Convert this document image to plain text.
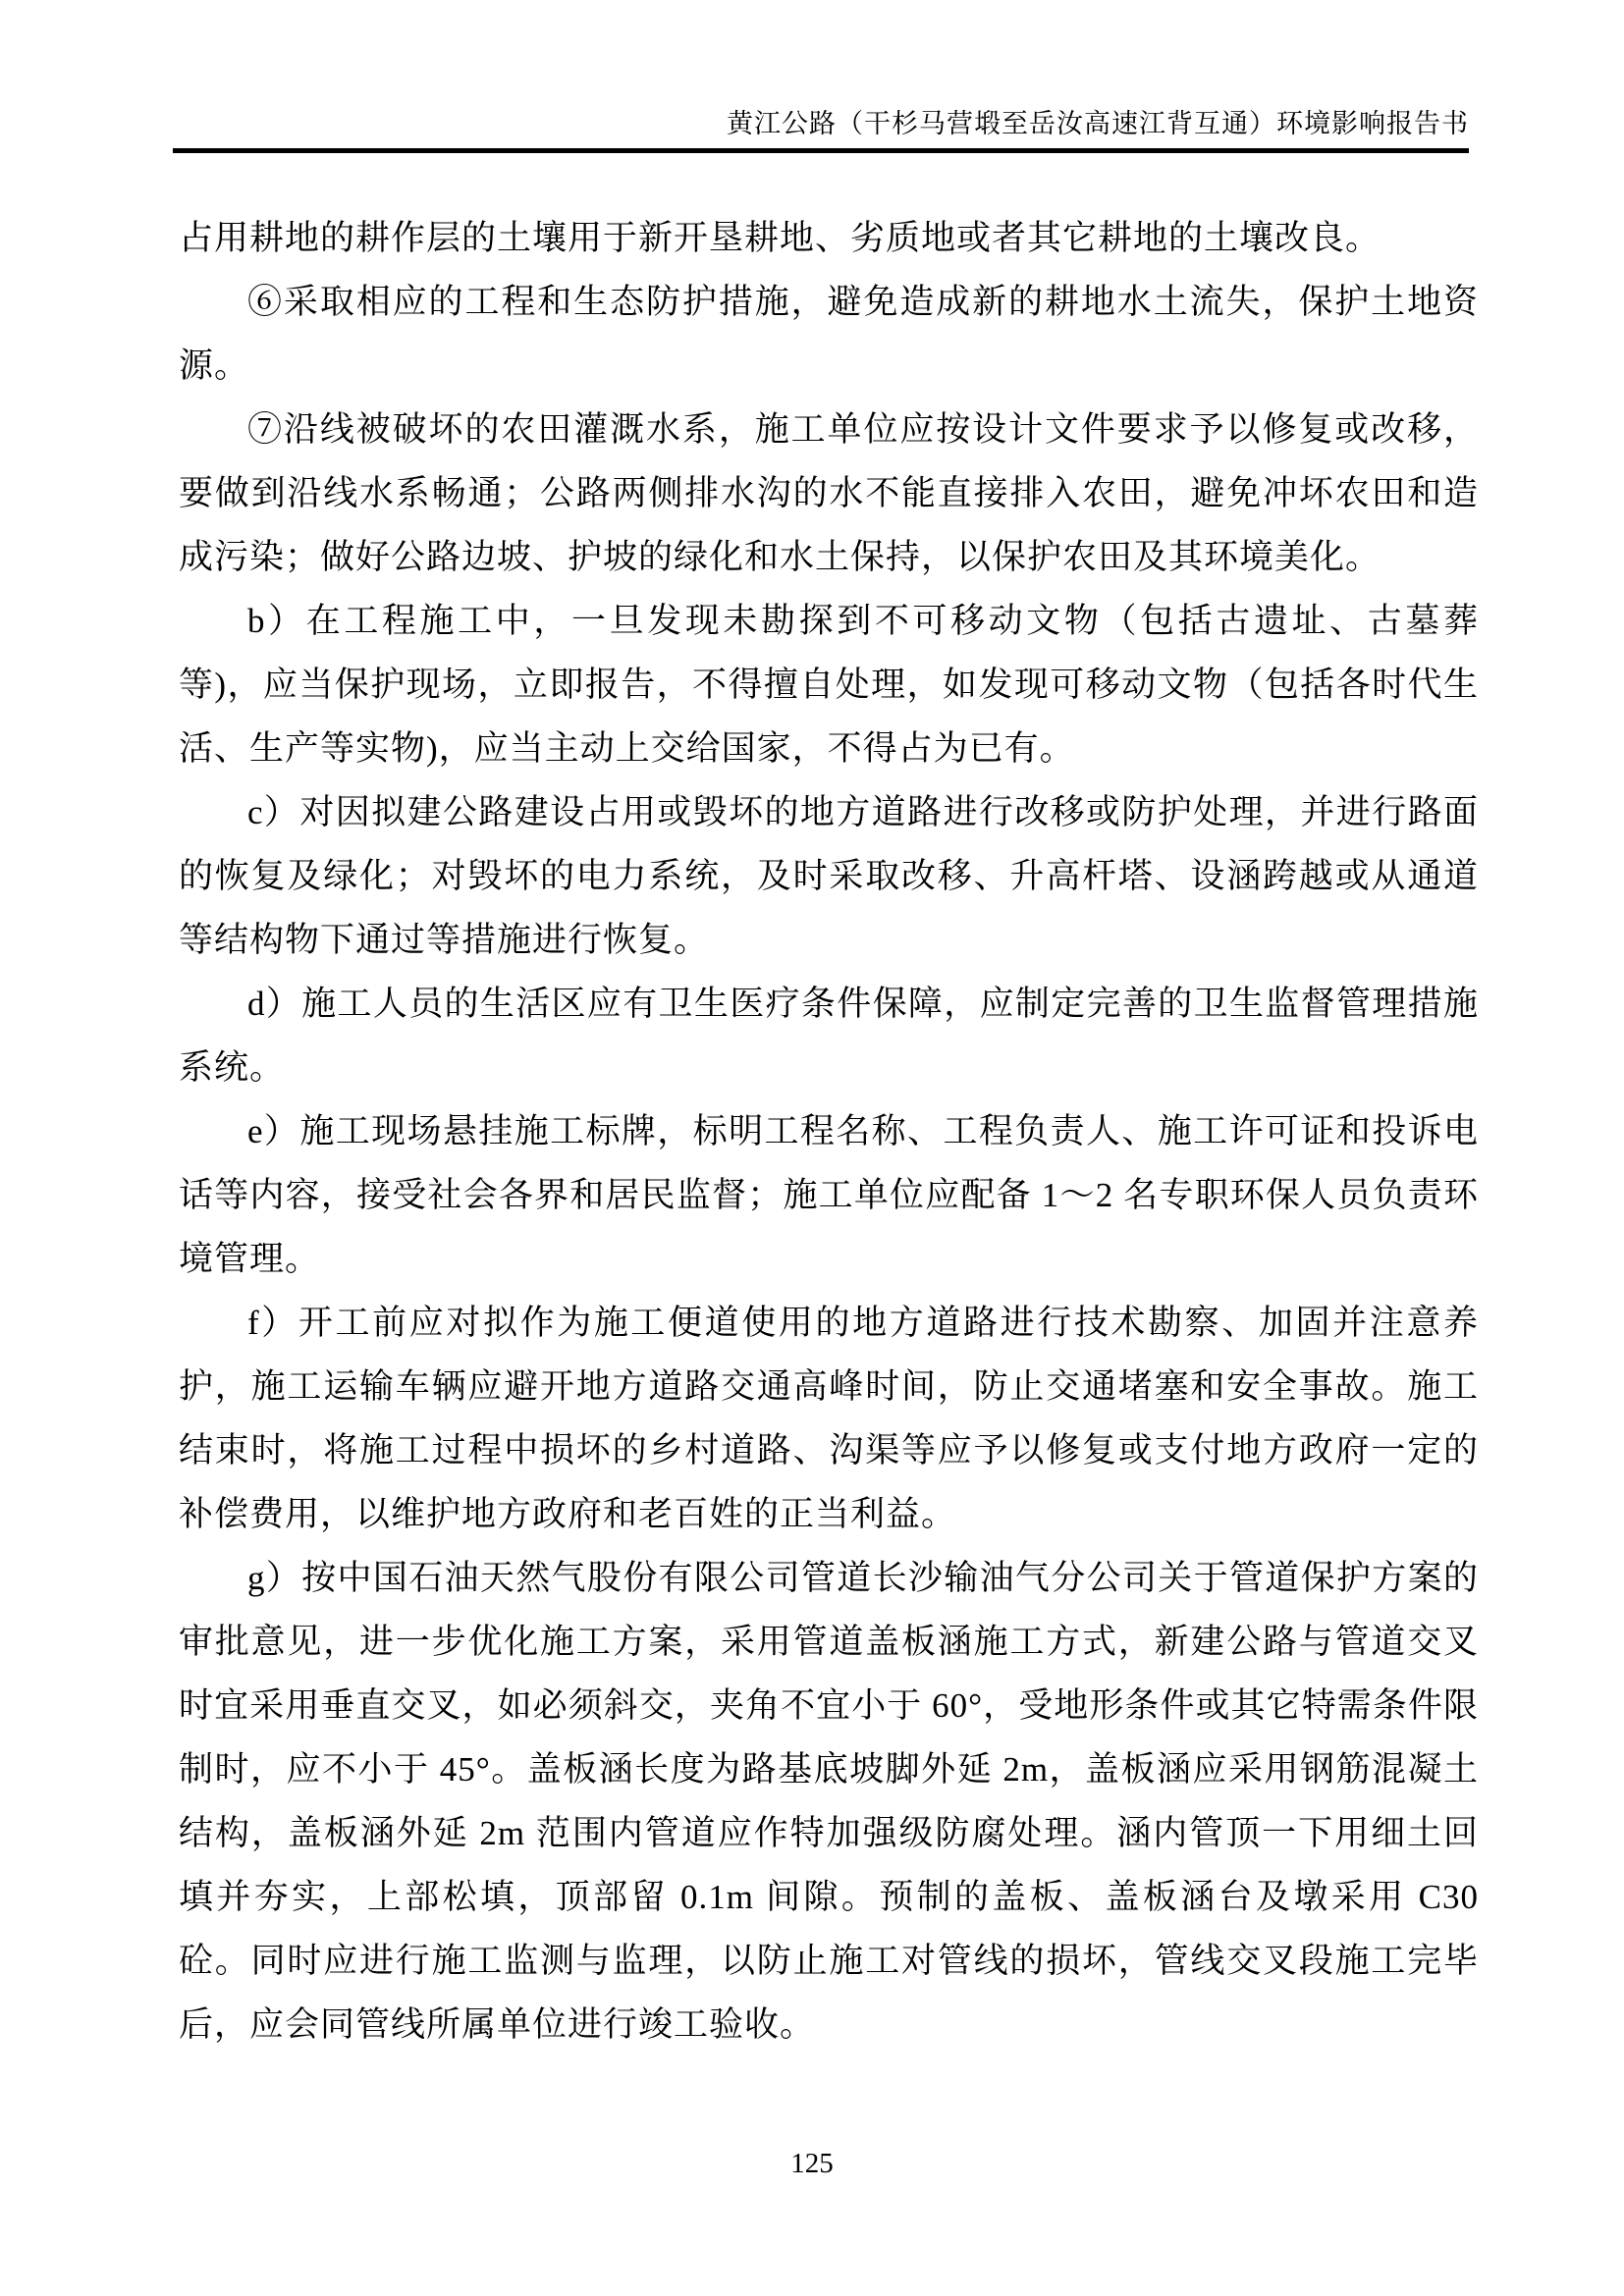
黄江公路（干杉马营塅至岳汝高速江背互通）环境影响报告书

占用耕地的耕作层的土壤用于新开垦耕地、劣质地或者其它耕地的土壤改良。

⑥采取相应的工程和生态防护措施，避免造成新的耕地水土流失，保护土地资源。

⑦沿线被破坏的农田灌溉水系，施工单位应按设计文件要求予以修复或改移，要做到沿线水系畅通；公路两侧排水沟的水不能直接排入农田，避免冲坏农田和造成污染；做好公路边坡、护坡的绿化和水土保持，以保护农田及其环境美化。

b）在工程施工中，一旦发现未勘探到不可移动文物（包括古遗址、古墓葬等)，应当保护现场，立即报告，不得擅自处理，如发现可移动文物（包括各时代生活、生产等实物)，应当主动上交给国家，不得占为已有。

c）对因拟建公路建设占用或毁坏的地方道路进行改移或防护处理，并进行路面的恢复及绿化；对毁坏的电力系统，及时采取改移、升高杆塔、设涵跨越或从通道等结构物下通过等措施进行恢复。

d）施工人员的生活区应有卫生医疗条件保障，应制定完善的卫生监督管理措施系统。

e）施工现场悬挂施工标牌，标明工程名称、工程负责人、施工许可证和投诉电话等内容，接受社会各界和居民监督；施工单位应配备 1～2 名专职环保人员负责环境管理。

f）开工前应对拟作为施工便道使用的地方道路进行技术勘察、加固并注意养护，施工运输车辆应避开地方道路交通高峰时间，防止交通堵塞和安全事故。施工结束时，将施工过程中损坏的乡村道路、沟渠等应予以修复或支付地方政府一定的补偿费用，以维护地方政府和老百姓的正当利益。

g）按中国石油天然气股份有限公司管道长沙输油气分公司关于管道保护方案的审批意见，进一步优化施工方案，采用管道盖板涵施工方式，新建公路与管道交叉时宜采用垂直交叉，如必须斜交，夹角不宜小于 60°，受地形条件或其它特需条件限制时，应不小于 45°。盖板涵长度为路基底坡脚外延 2m，盖板涵应采用钢筋混凝土结构，盖板涵外延 2m 范围内管道应作特加强级防腐处理。涵内管顶一下用细土回填并夯实，上部松填，顶部留 0.1m 间隙。预制的盖板、盖板涵台及墩采用 C30 砼。同时应进行施工监测与监理，以防止施工对管线的损坏，管线交叉段施工完毕后，应会同管线所属单位进行竣工验收。

125
